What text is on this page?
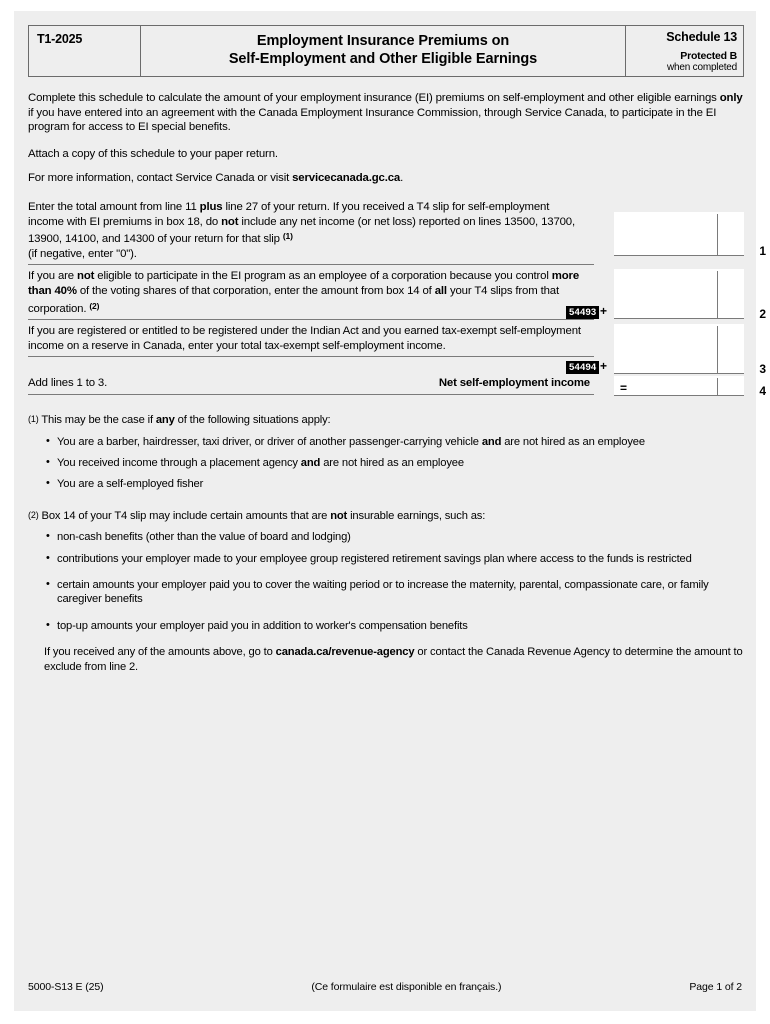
T1-2025	Employment Insurance Premiums on
Self-Employment and Other Eligible Earnings
Schedule 13
Protected B
when completed
Complete this schedule to calculate the amount of your employment insurance (EI) premiums on self-employment and other eligible earnings only if you have entered into an agreement with the Canada Employment Insurance Commission, through Service Canada, to participate in the EI program for access to EI special benefits.
Attach a copy of this schedule to your paper return.
For more information, contact Service Canada or visit servicecanada.gc.ca.
Enter the total amount from line 11 plus line 27 of your return. If you received a T4 slip for self-employment income with EI premiums in box 18, do not include any net income (or net loss) reported on lines 13500, 13700, 13900, 14100, and 14300 of your return for that slip $^{(1)}$
(if negative, enter "0").	1
If you are not eligible to participate in the EI program as an employee of a corporation because you control more than 40% of the voting shares of that corporation, enter the amount from box 14 of all your T4 slips from that corporation. $^{(2)}$
54493 +	2
If you are registered or entitled to be registered under the Indian Act and you earned tax-exempt self-employment income on a reserve in Canada, enter your total tax-exempt self-employment income.
54494 +	3
Add lines 1 to 3.	Net self-employment income	=	4
(1) This may be the case if any of the following situations apply:
• You are a barber, hairdresser, taxi driver, or driver of another passenger-carrying vehicle and are not hired as an employee
• You received income through a placement agency and are not hired as an employee
• You are a self-employed fisher
(2) Box 14 of your T4 slip may include certain amounts that are not insurable earnings, such as:
• non-cash benefits (other than the value of board and lodging)
• contributions your employer made to your employee group registered retirement savings plan where access to the funds is restricted
• certain amounts your employer paid you to cover the waiting period or to increase the maternity, parental, compassionate care, or family caregiver benefits
• top-up amounts your employer paid you in addition to worker's compensation benefits
If you received any of the amounts above, go to canada.ca/revenue-agency or contact the Canada Revenue Agency to determine the amount to exclude from line 2.
5000-S13 E (25)	(Ce formulaire est disponible en français.)	Page 1 of 2
